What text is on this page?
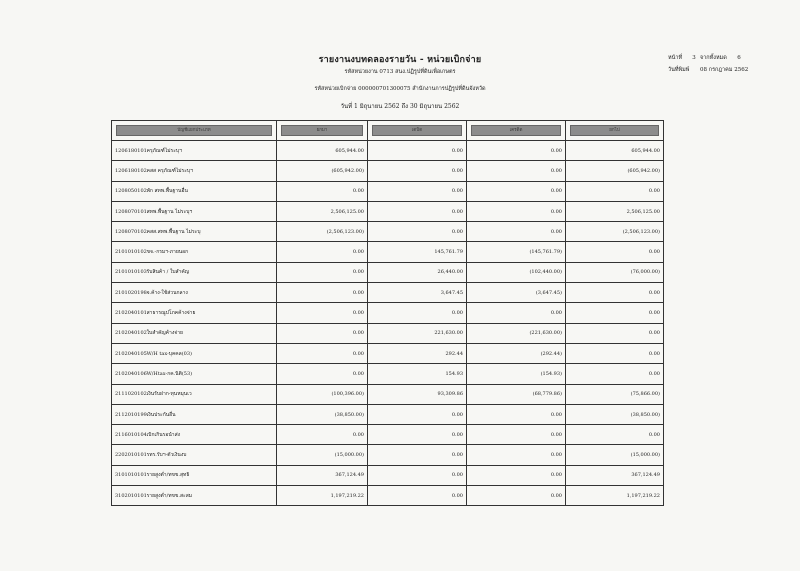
รายงานงบทดลองรายวัน - หน่วยเบิกจ่าย
รหัสหน่วยงาน 0713 สนง.ปฏิรูปที่ดินเพื่อเกษตร
รหัสหน่วยเบิกจ่าย 000000701300075 สำนักงานการปฏิรูปที่ดินจังหวัด
วันที่ 1 มิถุนายน 2562 ถึง 30 มิถุนายน 2562
หน้าที่	3 จากทั้งหมด	6
วันที่พิมพ์	08 กรกฎาคม 2562
บัญชีแยกประเภท	ยกมา	เดบิต	เครดิต	ยกไป

1206180101 ครุภัณฑ์ไม่ระบุฯ	605,944.00	0.00	0.00	605,944.00
1206180102 คสส ครุภัณฑ์ไม่ระบุฯ	(605,942.00)	0.00	0.00	(605,942.00)
1208050102 พัก สทพ.พื้นฐานอื่น	0.00	0.00	0.00	0.00
1208070101 สทพ.พื้นฐาน ไม่ระบุฯ	2,506,125.00	0.00	0.00	2,506,125.00
1208070102 คสส.สทพ.พื้นฐาน ไม่ระบุ	(2,506,123.00)	0.00	0.00	(2,506,123.00)
2101010102 ขจ.-กรมฯ-ภายนอก	0.00	145,761.79	(145,761.79)	0.00
2101010103 รับสินค้า / ใบสำคัญ	0.00	26,440.00	(102,440.00)	(76,000.00)
2101020198 จ.ค้าง-ใช้ส่วนกลาง	0.00	3,647.45	(3,647.45)	0.00
2102040101 สาธารณูปโภคค้างจ่าย	0.00	0.00	0.00	0.00
2102040102 ใบสำคัญค้างจ่าย	0.00	221,630.00	(221,630.00)	0.00
2102040105 W/H tax-บุคคล(03)	0.00	292.44	(292.44)	0.00
2102040106 W/Htax-กค.นิติ(53)	0.00	154.93	(154.93)	0.00
2111020102 เงินรับฝาก-ทุนหมุนเว	(100,396.00)	93,309.86	(68,779.86)	(75,866.00)
2112010199 เงินประกันอื่น	(38,850.00)	0.00	0.00	(38,850.00)
2116010104 เบิกเกินรอนำส่ง	0.00	0.00	0.00	0.00
2202010101 รทร.รับฯ-ตัวเงินงบ	(15,000.00)	0.00	0.00	(15,000.00)
3101010101 รายสูงต่ำ/ทขข.สุทธิ	367,124.49	0.00	0.00	367,124.49
3102010101 รายสูงต่ำ/ทขข.สะสม	1,197,219.22	0.00	0.00	1,197,219.22
